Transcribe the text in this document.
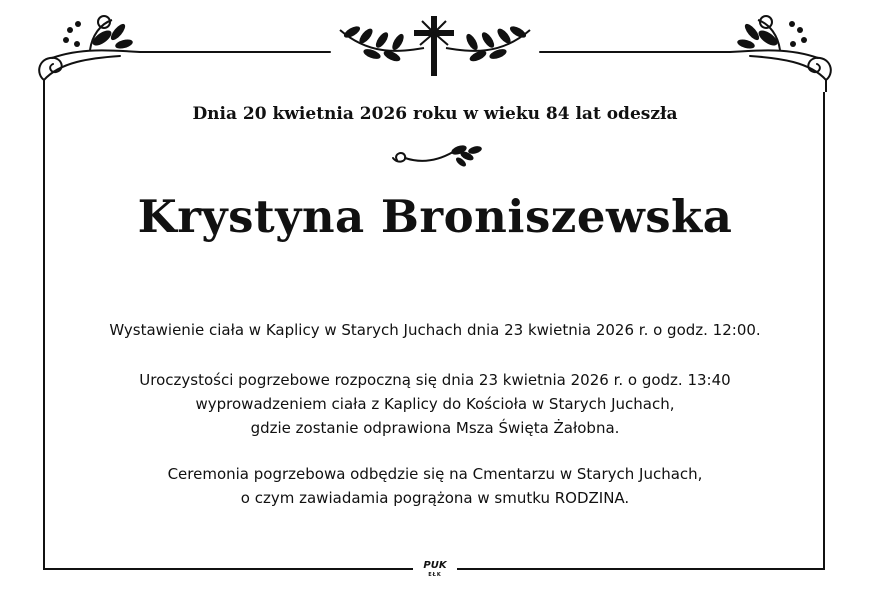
Dnia 20 kwietnia 2026 roku w wieku 84 lat odeszła
Krystyna Broniszewska
Wystawienie ciała w Kaplicy w Starych Juchach dnia 23 kwietnia 2026 r. o godz. 12:00.
Uroczystości pogrzebowe rozpoczną się dnia 23 kwietnia 2026 r. o godz. 13:40
wyprowadzeniem ciała z Kaplicy do Kościoła w Starych Juchach,
gdzie zostanie odprawiona Msza Święta Żałobna.
Ceremonia pogrzebowa odbędzie się na Cmentarzu w Starych Juchach,
o czym zawiadamia pogrążona w smutku RODZINA.
PUK
EŁK
